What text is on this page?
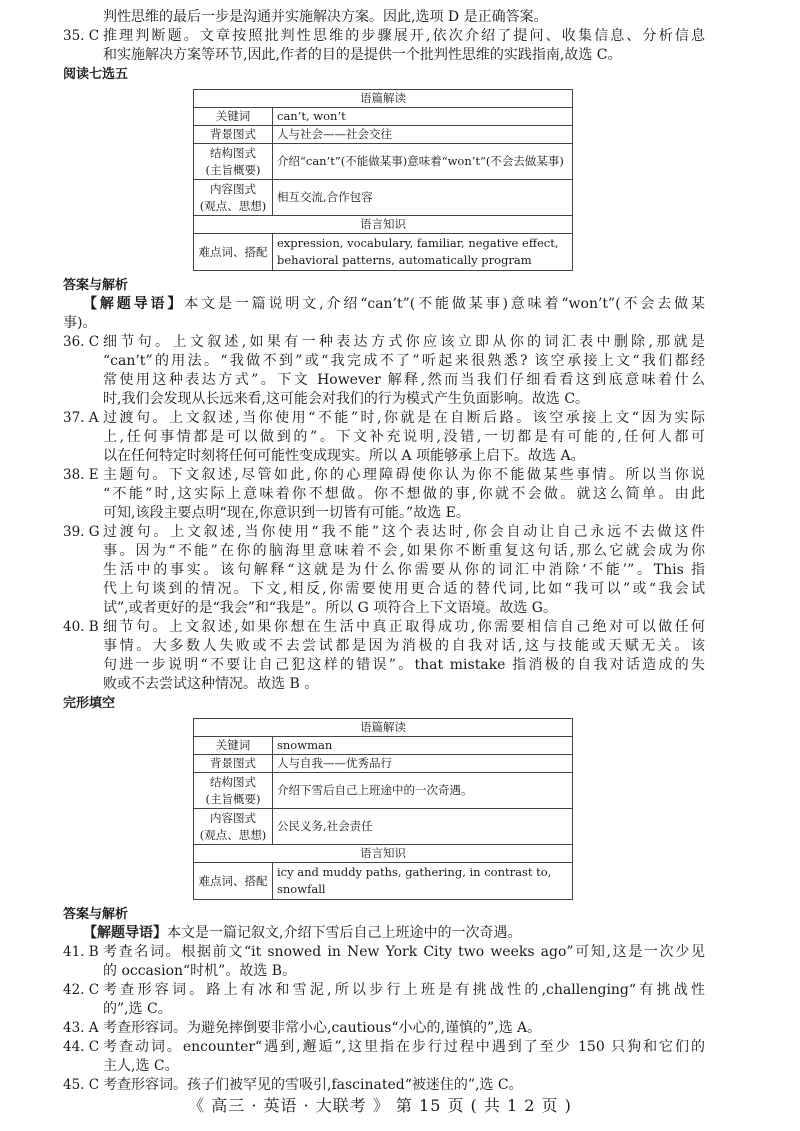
判性思维的最后一步是沟通并实施解决方案。因此,选项 D 是正确答案。
35. C 推理判断题。文章按照批判性思维的步骤展开,依次介绍了提问、收集信息、分析信息
和实施解决方案等环节,因此,作者的目的是提供一个批判性思维的实践指南,故选 C。
阅读七选五
语篇解读	

关键词	can’t, won’t

背景图式	人与社会——社会交往

结构图式
(主旨概要)	介绍“can’t”(不能做某事)意味着“won’t”(不会去做某事)

内容图式
(观点、思想)	相互交流,合作包容
语言知识	
难点词、搭配	expression, vocabulary, familiar, negative effect, behavioral patterns, automatically program
答案与解析
【解题导语】本文是一篇说明文,介绍“can’t”(不能做某事)意味着“won’t”(不会去做某
事)。
36. C 细节句。上文叙述,如果有一种表达方式你应该立即从你的词汇表中删除,那就是
“can’t”的用法。“我做不到”或“我完成不了”听起来很熟悉? 该空承接上文“我们都经
常使用这种表达方式”。下文 However 解释,然而当我们仔细看看这到底意味着什么
时,我们会发现从长远来看,这可能会对我们的行为模式产生负面影响。故选 C。
37. A 过渡句。上文叙述,当你使用“不能”时,你就是在自断后路。该空承接上文“因为实际
上,任何事情都是可以做到的”。下文补充说明,没错,一切都是有可能的,任何人都可
以在任何特定时刻将任何可能性变成现实。所以 A 项能够承上启下。故选 A。
38. E 主题句。下文叙述,尽管如此,你的心理障碍使你认为你不能做某些事情。所以当你说
“不能”时,这实际上意味着你不想做。你不想做的事,你就不会做。就这么简单。由此
可知,该段主要点明“现在,你意识到一切皆有可能。”故选 E。
39. G 过渡句。上文叙述,当你使用“我不能”这个表达时,你会自动让自己永远不去做这件
事。因为“不能”在你的脑海里意味着不会,如果你不断重复这句话,那么它就会成为你
生活中的事实。该句解释“这就是为什么你需要从你的词汇中消除‘不能’”。This 指
代上句谈到的情况。下文,相反,你需要使用更合适的替代词,比如“我可以”或“我会试
试”,或者更好的是“我会”和“我是”。所以 G 项符合上下文语境。故选 G。
40. B 细节句。上文叙述,如果你想在生活中真正取得成功,你需要相信自己绝对可以做任何
事情。大多数人失败或不去尝试都是因为消极的自我对话,这与技能或天赋无关。该
句进一步说明“不要让自己犯这样的错误”。that mistake 指消极的自我对话造成的失
败或不去尝试这种情况。故选 B 。
完形填空
语篇解读	

关键词	snowman

背景图式	人与自我——优秀品行

结构图式
(主旨概要)	介绍下雪后自己上班途中的一次奇遇。

内容图式
(观点、思想)	公民义务,社会责任
语言知识	
难点词、搭配	icy and muddy paths, gathering, in contrast to, snowfall
答案与解析
【解题导语】本文是一篇记叙文,介绍下雪后自己上班途中的一次奇遇。
41. B 考查名词。根据前文“it snowed in New York City two weeks ago”可知,这是一次少见
的 occasion“时机”。故选 B。
42. C 考查形容词。路上有冰和雪泥,所以步行上班是有挑战性的,challenging“有挑战性
的”,选 C。
43. A 考查形容词。为避免摔倒要非常小心,cautious“小心的,谨慎的”,选 A。
44. C 考查动词。encounter“遇到,邂逅”,这里指在步行过程中遇到了至少 150 只狗和它们的
主人,选 C。
45. C 考查形容词。孩子们被罕见的雪吸引,fascinated“被迷住的”,选 C。
《 高三 · 英语 · 大联考 》 第 15 页 ( 共 1 2 页 )
